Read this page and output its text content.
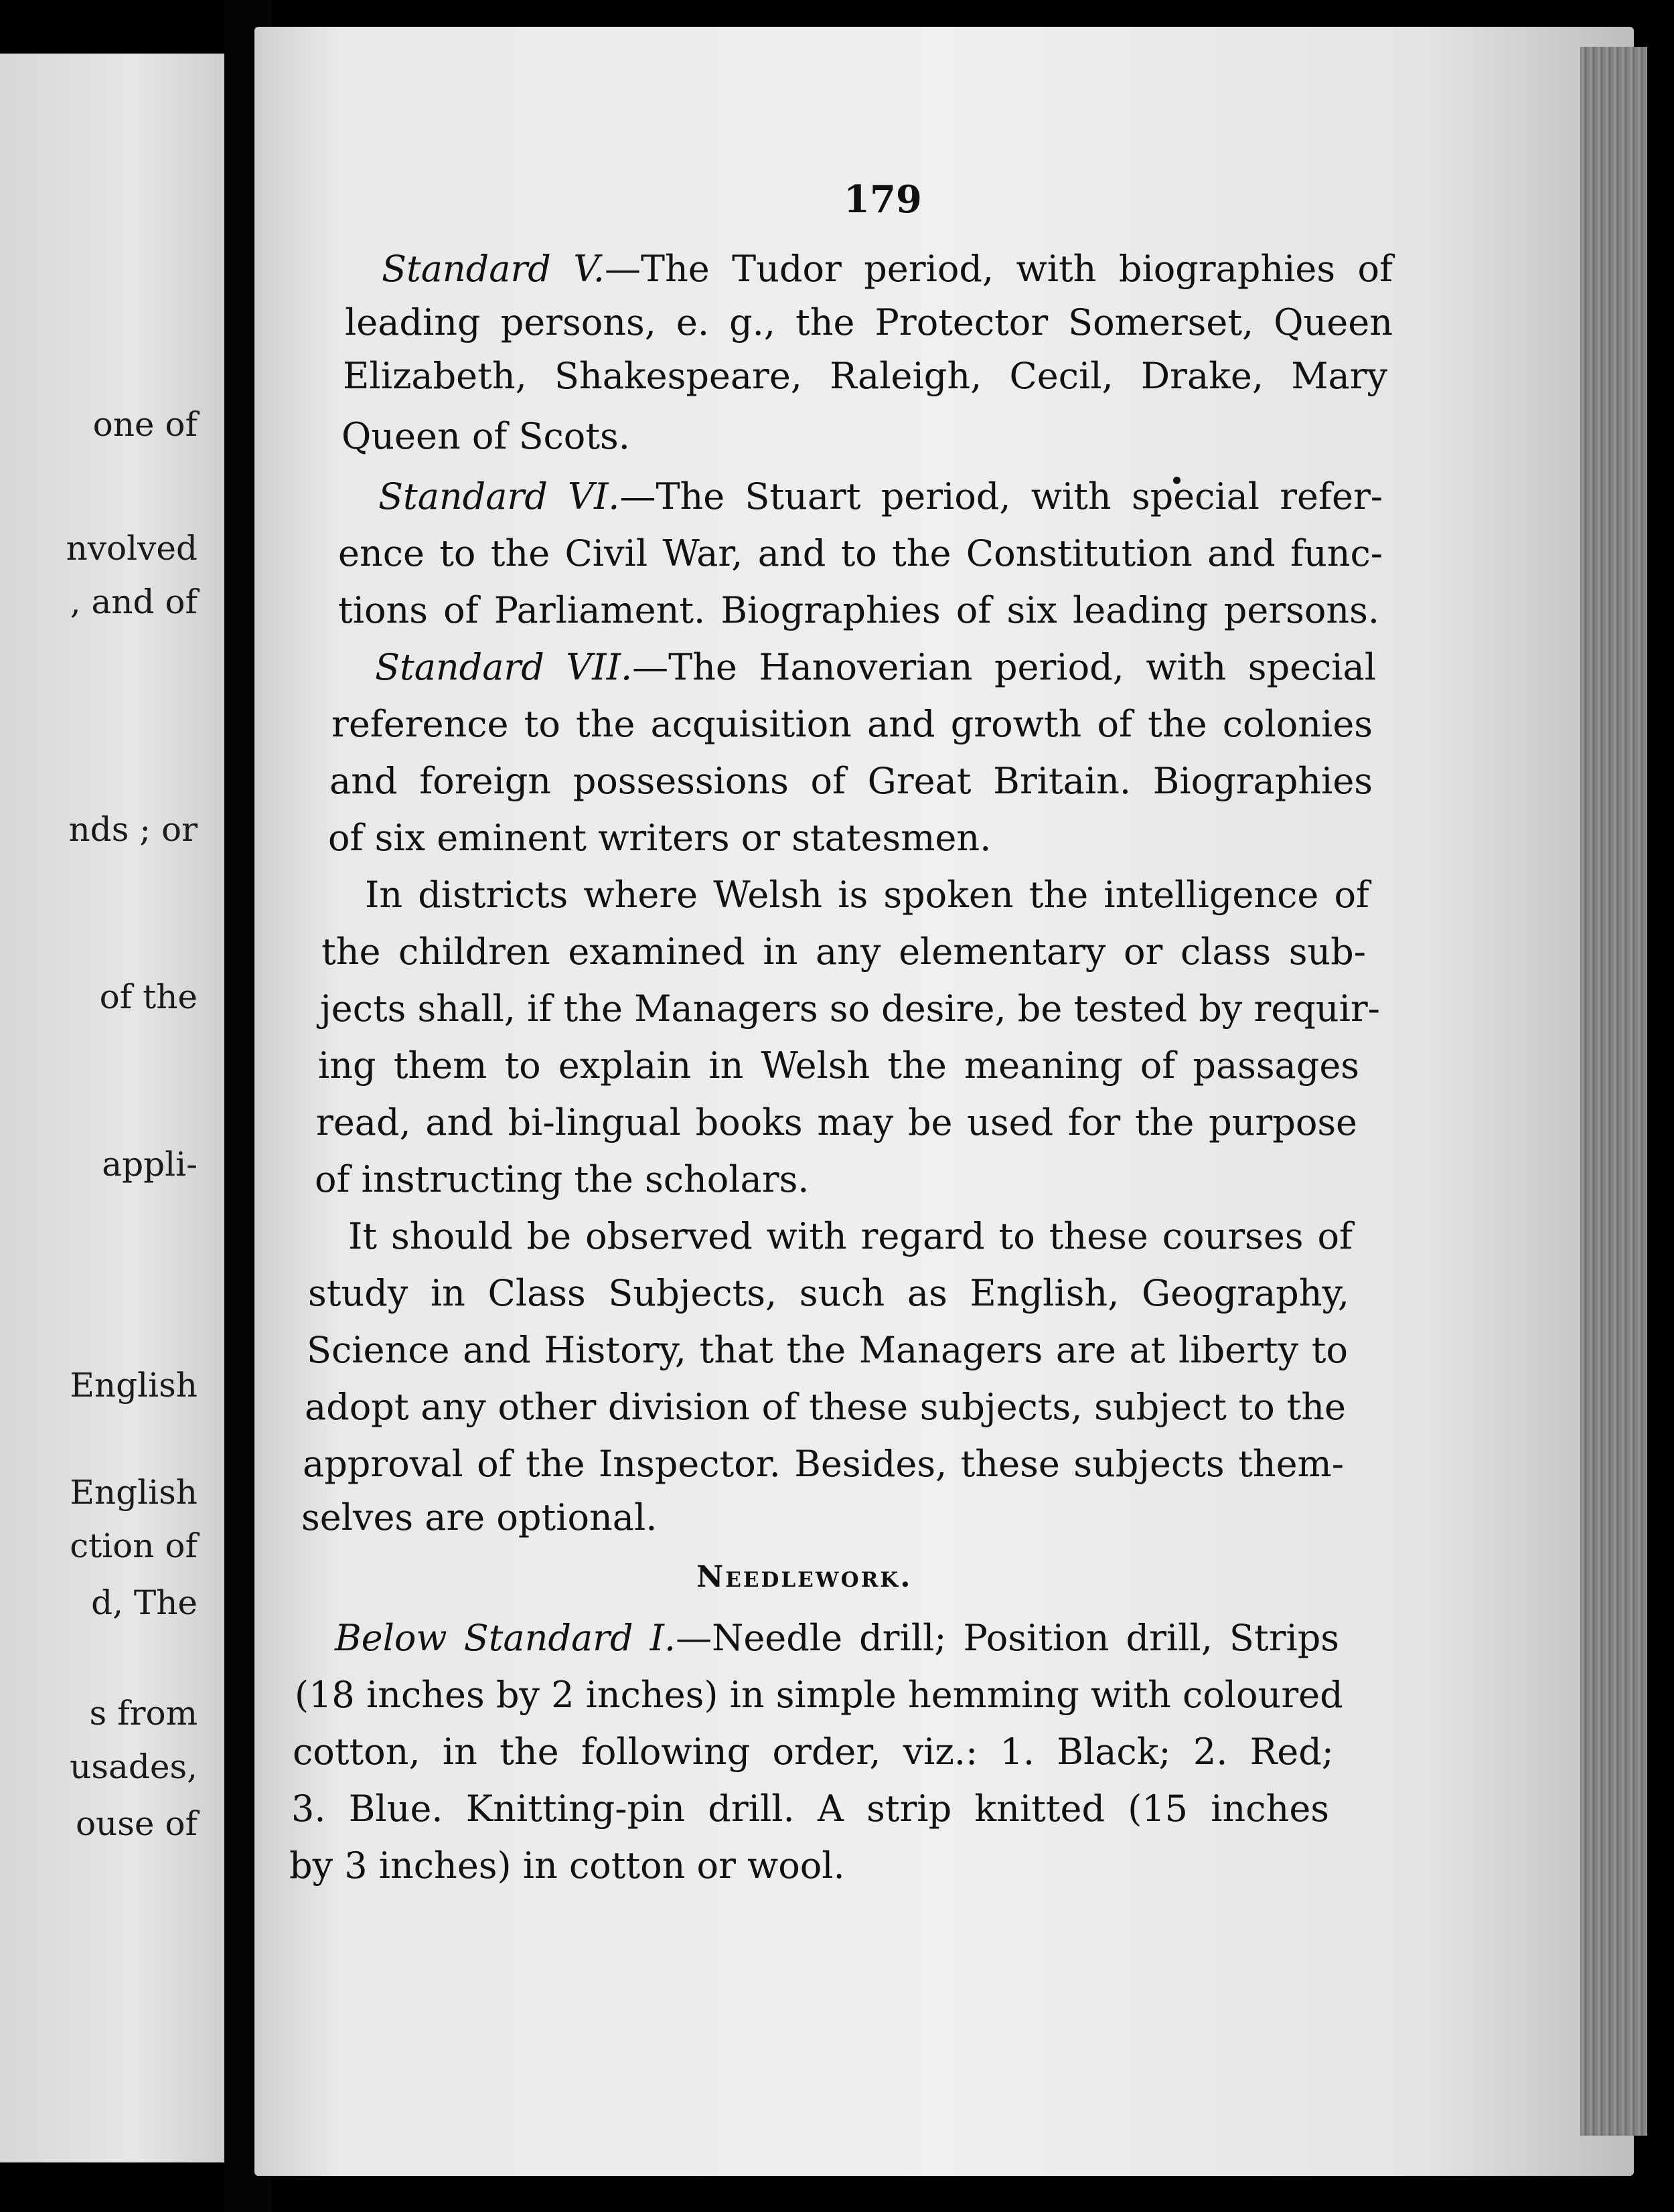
one of
nvolved
, and of
nds ; or
of the
appli-
English
English
ction of
d, The
s from
usades,
ouse of
179
Standard V.—The Tudor period, with biographies of
leading persons, e. g., the Protector Somerset, Queen
Elizabeth, Shakespeare, Raleigh, Cecil, Drake, Mary
Queen of Scots.
Standard VI.—The Stuart period, with special refer-
ence to the Civil War, and to the Constitution and func-
tions of Parliament. Biographies of six leading persons.
Standard VII.—The Hanoverian period, with special
reference to the acquisition and growth of the colonies
and foreign possessions of Great Britain. Biographies
of six eminent writers or statesmen.
In districts where Welsh is spoken the intelligence of
the children examined in any elementary or class sub-
jects shall, if the Managers so desire, be tested by requir-
ing them to explain in Welsh the meaning of passages
read, and bi-lingual books may be used for the purpose
of instructing the scholars.
It should be observed with regard to these courses of
study in Class Subjects, such as English, Geography,
Science and History, that the Managers are at liberty to
adopt any other division of these subjects, subject to the
approval of the Inspector. Besides, these subjects them-
selves are optional.
Needlework.
Below Standard I.—Needle drill; Position drill, Strips
(18 inches by 2 inches) in simple hemming with coloured
cotton, in the following order, viz.: 1. Black; 2. Red;
3. Blue. Knitting-pin drill. A strip knitted (15 inches
by 3 inches) in cotton or wool.
